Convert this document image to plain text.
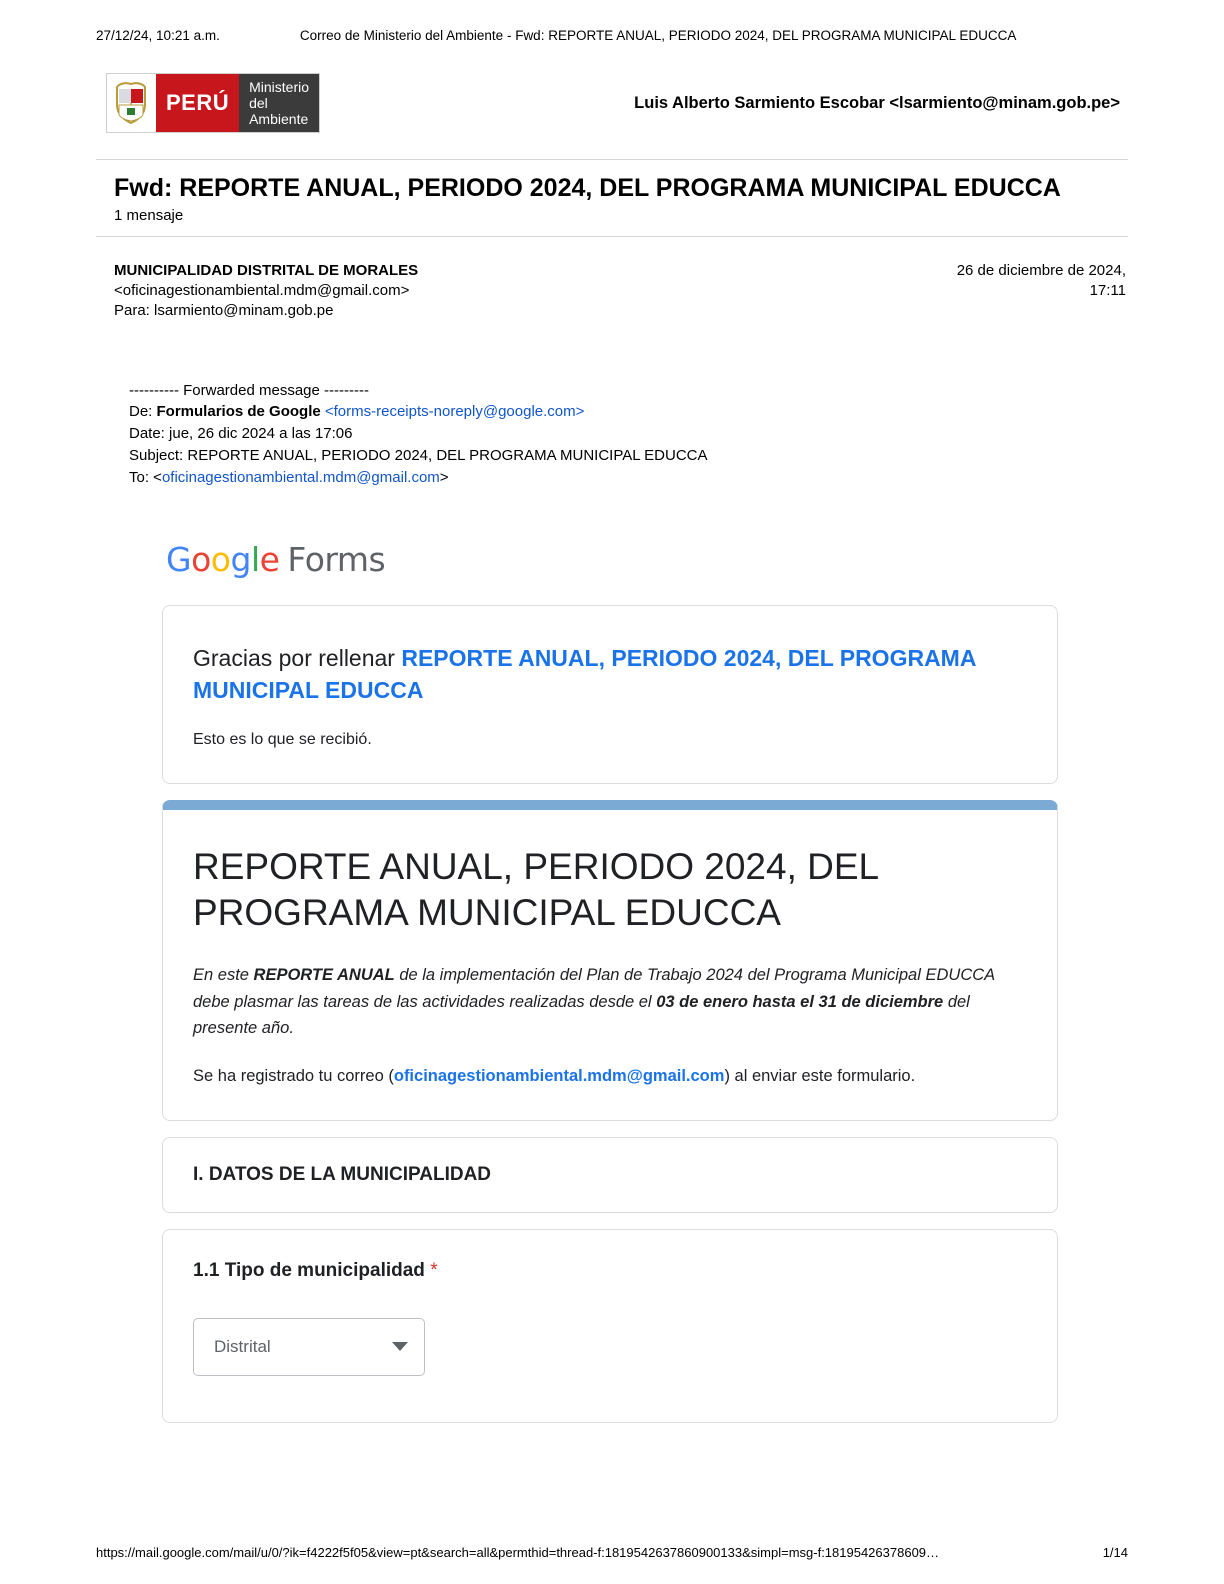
27/12/24, 10:21 a.m.	Correo de Ministerio del Ambiente - Fwd: REPORTE ANUAL, PERIODO 2024, DEL PROGRAMA MUNICIPAL EDUCCA
PERÚ
Ministerio
del Ambiente
Luis Alberto Sarmiento Escobar <lsarmiento@minam.gob.pe>
Fwd: REPORTE ANUAL, PERIODO 2024, DEL PROGRAMA MUNICIPAL EDUCCA
1 mensaje
MUNICIPALIDAD DISTRITAL DE MORALES
<oficinagestionambiental.mdm@gmail.com>
Para: lsarmiento@minam.gob.pe
26 de diciembre de 2024,
17:11
---------- Forwarded message ---------
De: Formularios de Google <forms-receipts-noreply@google.com>
Date: jue, 26 dic 2024 a las 17:06
Subject: REPORTE ANUAL, PERIODO 2024, DEL PROGRAMA MUNICIPAL EDUCCA
To: <oficinagestionambiental.mdm@gmail.com>
Google Forms
Gracias por rellenar REPORTE ANUAL, PERIODO 2024, DEL PROGRAMA MUNICIPAL EDUCCA
Esto es lo que se recibió.
REPORTE ANUAL, PERIODO 2024, DEL PROGRAMA MUNICIPAL EDUCCA
En este REPORTE ANUAL de la implementación del Plan de Trabajo 2024 del Programa Municipal EDUCCA debe plasmar las tareas de las actividades realizadas desde el 03 de enero hasta el 31 de diciembre del presente año.
Se ha registrado tu correo (oficinagestionambiental.mdm@gmail.com) al enviar este formulario.
I. DATOS DE LA MUNICIPALIDAD
1.1 Tipo de municipalidad *
Distrital
https://mail.google.com/mail/u/0/?ik=f4222f5f05&view=pt&search=all&permthid=thread-f:1819542637860900133&simpl=msg-f:18195426378609…	1/14
